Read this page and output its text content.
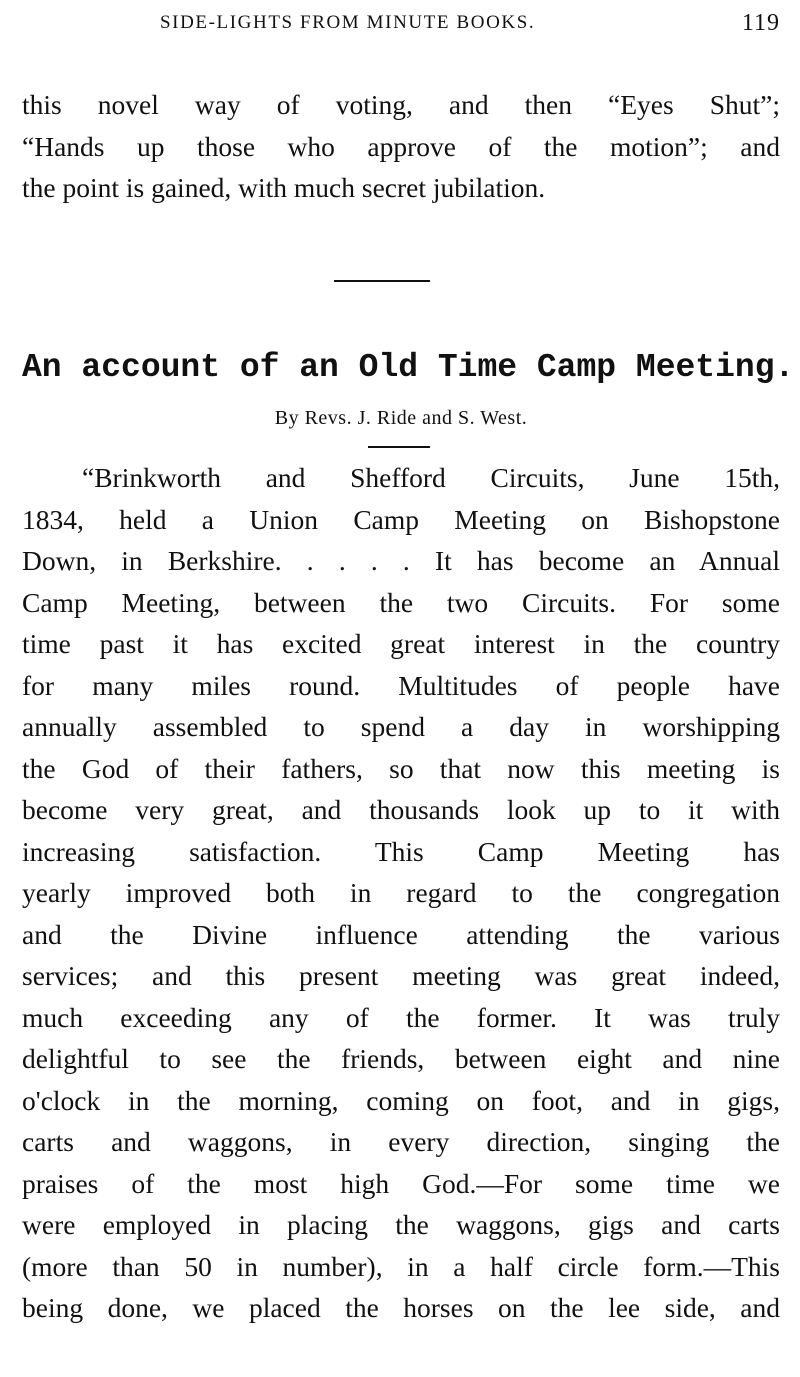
SIDE-LIGHTS FROM MINUTE BOOKS.	119
this novel way of voting, and then “Eyes Shut”;
“Hands up those who approve of the motion”; and
the point is gained, with much secret jubilation.
An account of an Old Time Camp Meeting.
By Revs. J. Ride and S. West.
“Brinkworth and Shefford Circuits, June 15th,
1834, held a Union Camp Meeting on Bishopstone
Down, in Berkshire. . . . . It has become an Annual
Camp Meeting, between the two Circuits. For some
time past it has excited great interest in the country
for many miles round. Multitudes of people have
annually assembled to spend a day in worshipping
the God of their fathers, so that now this meeting is
become very great, and thousands look up to it with
increasing satisfaction. This Camp Meeting has
yearly improved both in regard to the congregation
and the Divine influence attending the various
services; and this present meeting was great indeed,
much exceeding any of the former. It was truly
delightful to see the friends, between eight and nine
o'clock in the morning, coming on foot, and in gigs,
carts and waggons, in every direction, singing the
praises of the most high God.—For some time we
were employed in placing the waggons, gigs and carts
(more than 50 in number), in a half circle form.—This
being done, we placed the horses on the lee side, and
